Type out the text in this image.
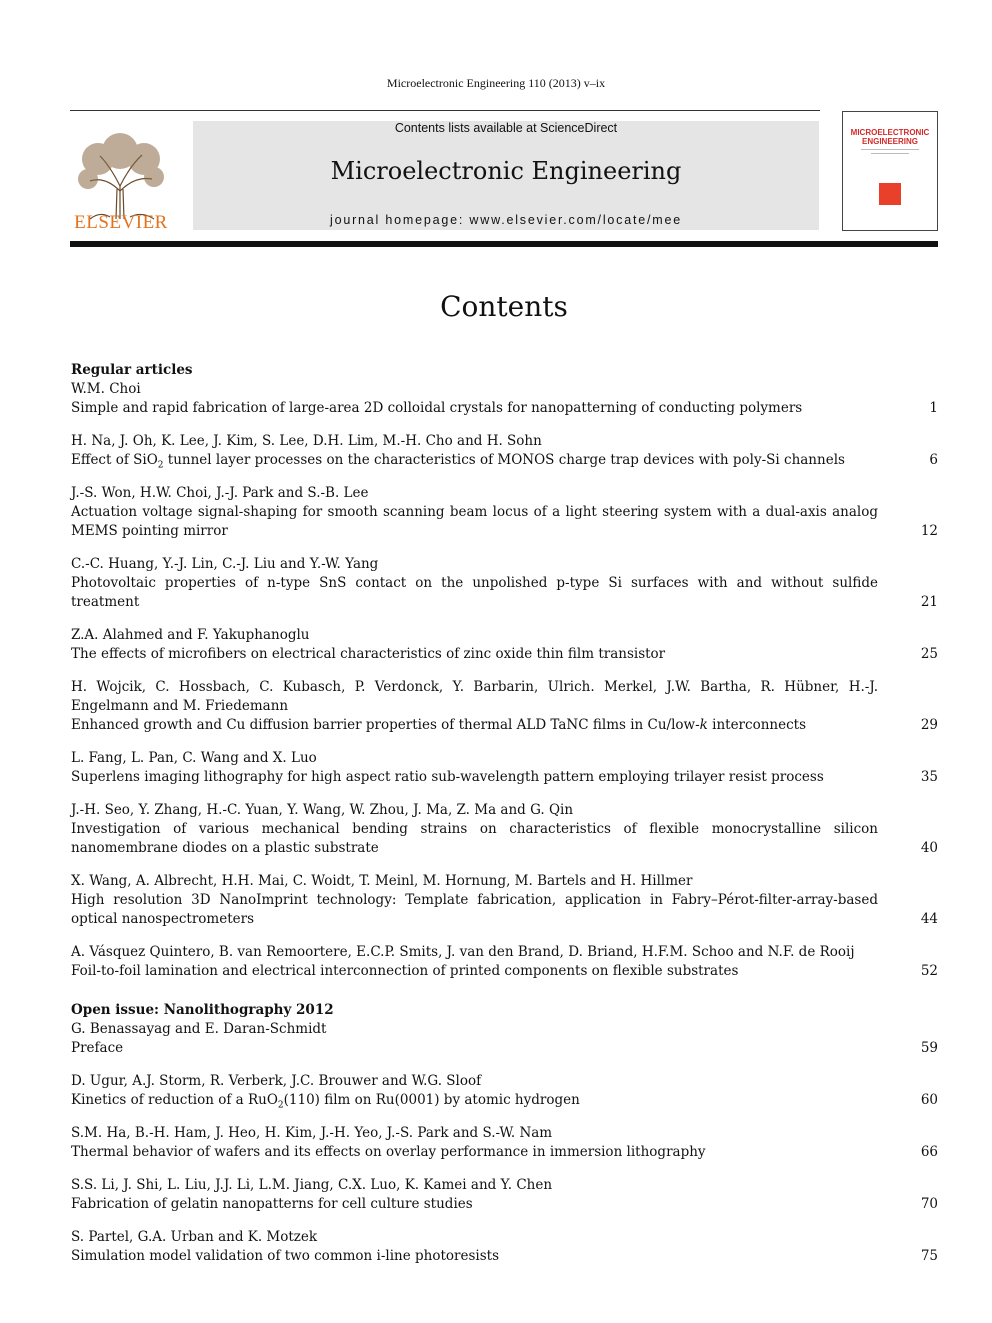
Microelectronic Engineering 110 (2013) v–ix
ELSEVIER
Contents lists available at ScienceDirect
Microelectronic Engineering
journal homepage: www.elsevier.com/locate/mee
MICROELECTRONIC ENGINEERING
Contents
Regular articles
W.M. Choi
Simple and rapid fabrication of large-area 2D colloidal crystals for nanopatterning of conducting polymers	1
H. Na, J. Oh, K. Lee, J. Kim, S. Lee, D.H. Lim, M.-H. Cho and H. Sohn
Effect of SiO$_2$ tunnel layer processes on the characteristics of MONOS charge trap devices with poly-Si channels	6
J.-S. Won, H.W. Choi, J.-J. Park and S.-B. Lee
Actuation voltage signal-shaping for smooth scanning beam locus of a light steering system with a dual-axis analog MEMS pointing mirror	12
C.-C. Huang, Y.-J. Lin, C.-J. Liu and Y.-W. Yang
Photovoltaic properties of n-type SnS contact on the unpolished p-type Si surfaces with and without sulfide treatment	21
Z.A. Alahmed and F. Yakuphanoglu
The effects of microfibers on electrical characteristics of zinc oxide thin film transistor	25
H. Wojcik, C. Hossbach, C. Kubasch, P. Verdonck, Y. Barbarin, Ulrich. Merkel, J.W. Bartha, R. Hübner, H.-J. Engelmann and M. Friedemann
Enhanced growth and Cu diffusion barrier properties of thermal ALD TaNC films in Cu/low-k interconnects	29
L. Fang, L. Pan, C. Wang and X. Luo
Superlens imaging lithography for high aspect ratio sub-wavelength pattern employing trilayer resist process	35
J.-H. Seo, Y. Zhang, H.-C. Yuan, Y. Wang, W. Zhou, J. Ma, Z. Ma and G. Qin
Investigation of various mechanical bending strains on characteristics of flexible monocrystalline silicon nanomembrane diodes on a plastic substrate	40
X. Wang, A. Albrecht, H.H. Mai, C. Woidt, T. Meinl, M. Hornung, M. Bartels and H. Hillmer
High resolution 3D NanoImprint technology: Template fabrication, application in Fabry–Pérot-filter-array-based optical nanospectrometers	44
A. Vásquez Quintero, B. van Remoortere, E.C.P. Smits, J. van den Brand, D. Briand, H.F.M. Schoo and N.F. de Rooij
Foil-to-foil lamination and electrical interconnection of printed components on flexible substrates	52
Open issue: Nanolithography 2012
G. Benassayag and E. Daran-Schmidt
Preface	59
D. Ugur, A.J. Storm, R. Verberk, J.C. Brouwer and W.G. Sloof
Kinetics of reduction of a RuO$_2$(110) film on Ru(0001) by atomic hydrogen	60
S.M. Ha, B.-H. Ham, J. Heo, H. Kim, J.-H. Yeo, J.-S. Park and S.-W. Nam
Thermal behavior of wafers and its effects on overlay performance in immersion lithography	66
S.S. Li, J. Shi, L. Liu, J.J. Li, L.M. Jiang, C.X. Luo, K. Kamei and Y. Chen
Fabrication of gelatin nanopatterns for cell culture studies	70
S. Partel, G.A. Urban and K. Motzek
Simulation model validation of two common i-line photoresists	75
